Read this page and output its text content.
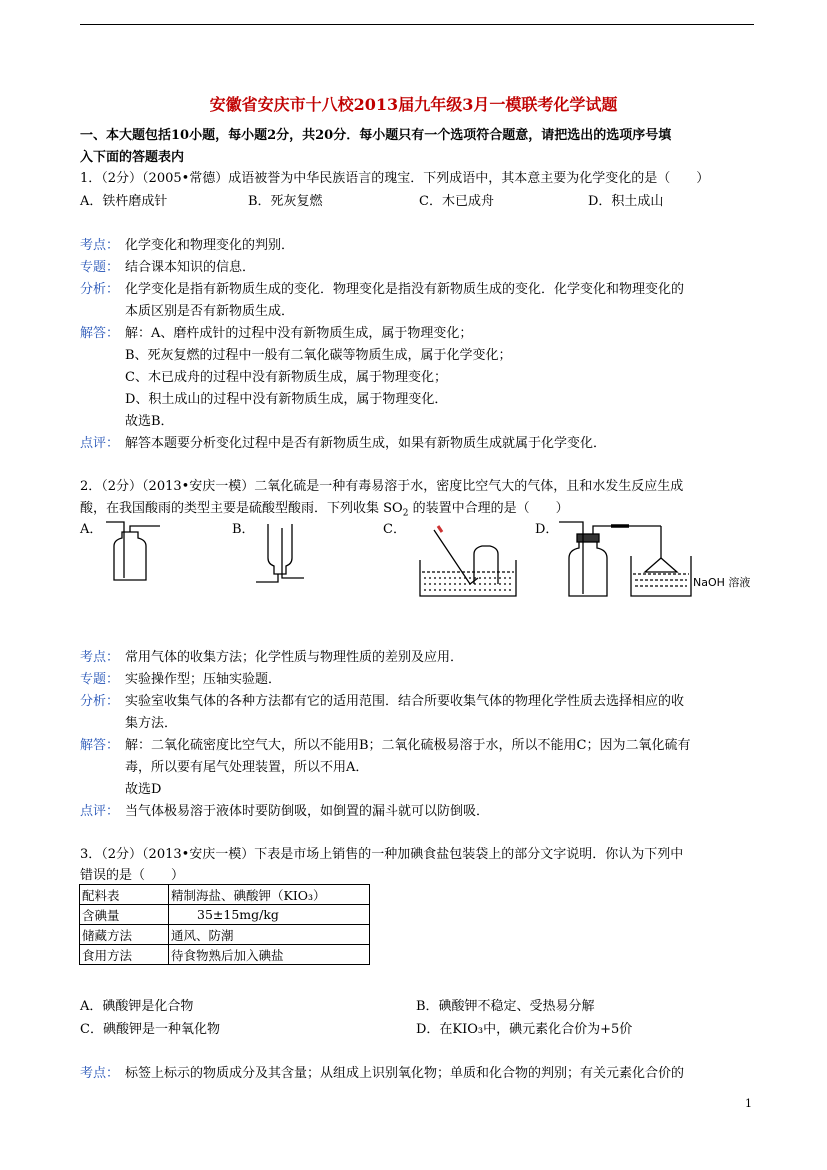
安徽省安庆市十八校2013届九年级3月一模联考化学试题
一、本大题包括10小题，每小题2分，共20分．每小题只有一个选项符合题意，请把选出的选项序号填
入下面的答题表内
1．（2分）（2005•常德）成语被誉为中华民族语言的瑰宝．下列成语中，其本意主要为化学变化的是（　　）
A．铁杵磨成针	B．死灰复燃	C．木已成舟	D．积土成山
考点： 化学变化和物理变化的判别．
专题： 结合课本知识的信息．
分析： 化学变化是指有新物质生成的变化．物理变化是指没有新物质生成的变化．化学变化和物理变化的
本质区别是否有新物质生成．
解答： 解：A、磨杵成针的过程中没有新物质生成，属于物理变化；
B、死灰复燃的过程中一般有二氧化碳等物质生成，属于化学变化；
C、木已成舟的过程中没有新物质生成，属于物理变化；
D、积土成山的过程中没有新物质生成，属于物理变化．
故选B．
点评： 解答本题要分析变化过程中是否有新物质生成，如果有新物质生成就属于化学变化．
2．（2分）（2013•安庆一模）二氧化硫是一种有毒易溶于水，密度比空气大的气体，且和水发生反应生成
酸，在我国酸雨的类型主要是硫酸型酸雨．下列收集 $SO_2$ 的装置中合理的是（　　）
A．	B．	C．	D．
NaOH 溶液
考点： 常用气体的收集方法；化学性质与物理性质的差别及应用．
专题： 实验操作型；压轴实验题．
分析： 实验室收集气体的各种方法都有它的适用范围．结合所要收集气体的物理化学性质去选择相应的收
集方法．
解答： 解：二氧化硫密度比空气大，所以不能用B；二氧化硫极易溶于水，所以不能用C；因为二氧化硫有
毒，所以要有尾气处理装置，所以不用A．
故选D
点评： 当气体极易溶于液体时要防倒吸，如倒置的漏斗就可以防倒吸．
3．（2分）（2013•安庆一模）下表是市场上销售的一种加碘食盐包装袋上的部分文字说明．你认为下列中
错误的是（　　）
配料表	精制海盐、碘酸钾（KIO₃）
含碘量	35±15mg/kg
储藏方法	通风、防潮
食用方法	待食物熟后加入碘盐
A．碘酸钾是化合物	B．碘酸钾不稳定、受热易分解
C．碘酸钾是一种氧化物	D．在KIO₃中，碘元素化合价为+5价
考点： 标签上标示的物质成分及其含量；从组成上识别氧化物；单质和化合物的判别；有关元素化合价的
1
